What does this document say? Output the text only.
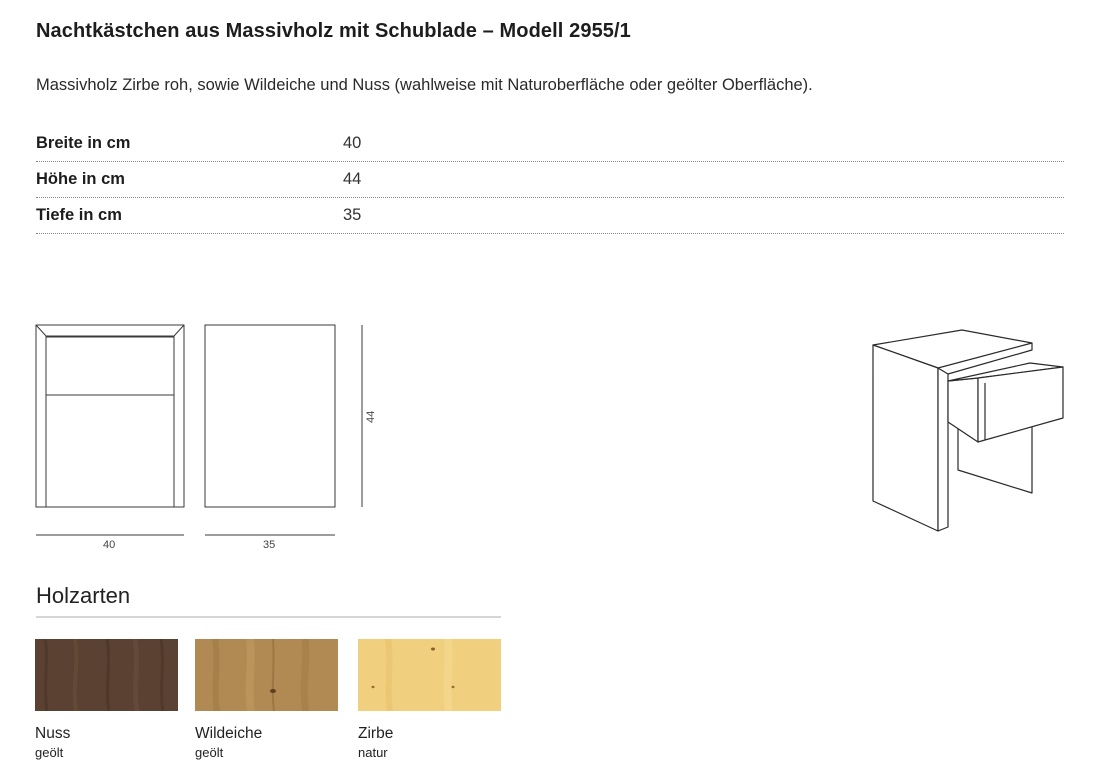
Nachtkästchen aus Massivholz mit Schublade – Modell 2955/1

Massivholz Zirbe roh, sowie Wildeiche und Nuss (wahlweise mit Naturoberfläche oder geölter Oberfläche).

Breite in cm	40
Höhe in cm	44
Tiefe in cm	35
40	35
44
Holzarten
Nuss
geölt
Wildeiche
geölt
Zirbe
natur
